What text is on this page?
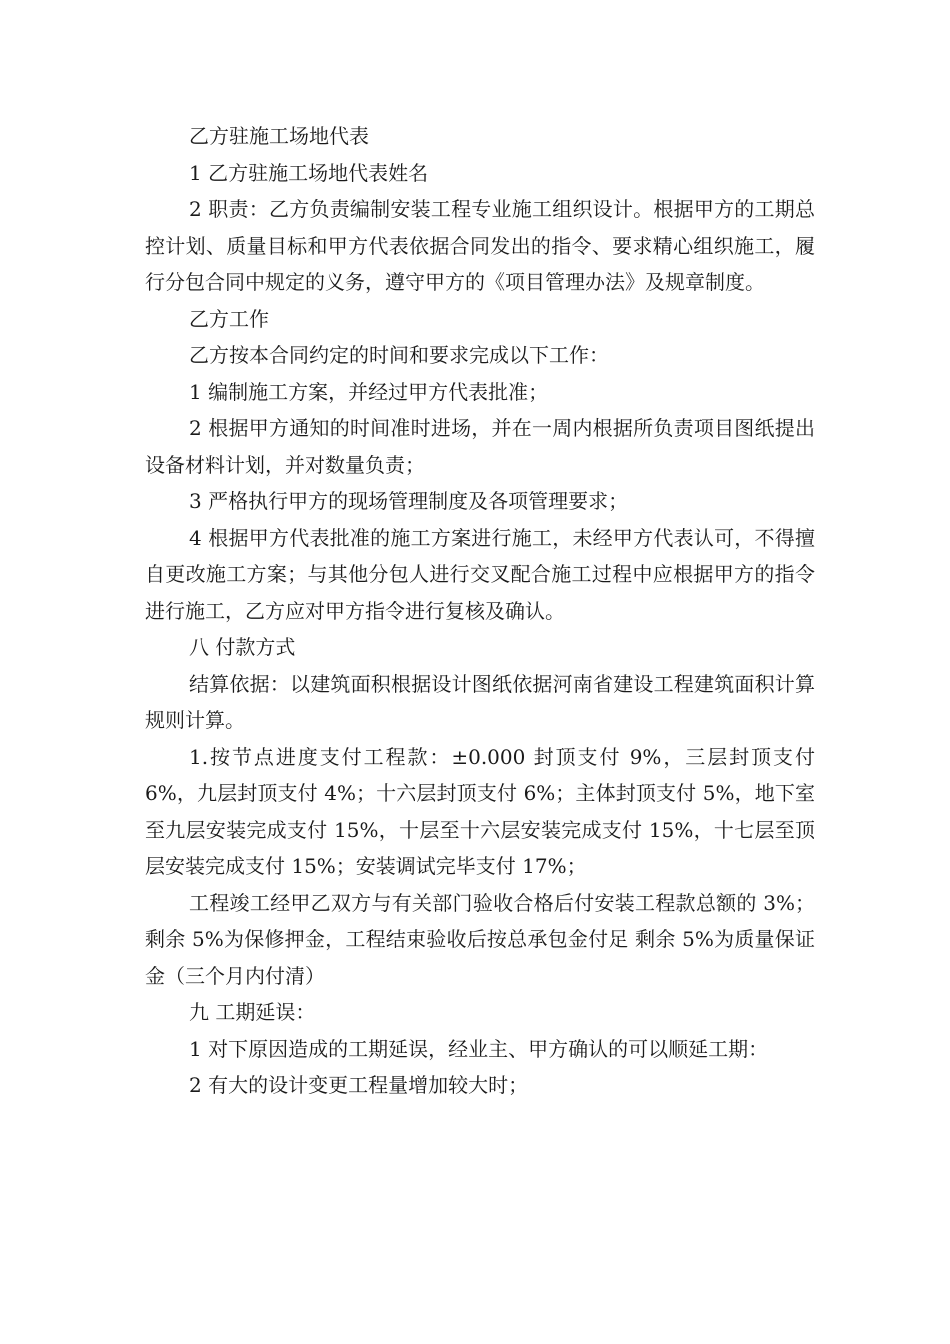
乙方驻施工场地代表

1 乙方驻施工场地代表姓名

2 职责：乙方负责编制安装工程专业施工组织设计。根据甲方的工期总控计划、质量目标和甲方代表依据合同发出的指令、要求精心组织施工，履行分包合同中规定的义务，遵守甲方的《项目管理办法》及规章制度。

乙方工作

乙方按本合同约定的时间和要求完成以下工作：

1 编制施工方案，并经过甲方代表批准；

2 根据甲方通知的时间准时进场，并在一周内根据所负责项目图纸提出设备材料计划，并对数量负责；

3 严格执行甲方的现场管理制度及各项管理要求；

4 根据甲方代表批准的施工方案进行施工，未经甲方代表认可，不得擅自更改施工方案；与其他分包人进行交叉配合施工过程中应根据甲方的指令进行施工，乙方应对甲方指令进行复核及确认。

八 付款方式

结算依据：以建筑面积根据设计图纸依据河南省建设工程建筑面积计算规则计算。

1.按节点进度支付工程款：±0.000 封顶支付 9%，三层封顶支付 6%，九层封顶支付 4%；十六层封顶支付 6%；主体封顶支付 5%，地下室至九层安装完成支付 15%，十层至十六层安装完成支付 15%，十七层至顶层安装完成支付 15%；安装调试完毕支付 17%；

工程竣工经甲乙双方与有关部门验收合格后付安装工程款总额的 3%；剩余 5%为保修押金，工程结束验收后按总承包金付足 剩余 5%为质量保证金（三个月内付清）

九 工期延误：

1 对下原因造成的工期延误，经业主、甲方确认的可以顺延工期：

2 有大的设计变更工程量增加较大时；
